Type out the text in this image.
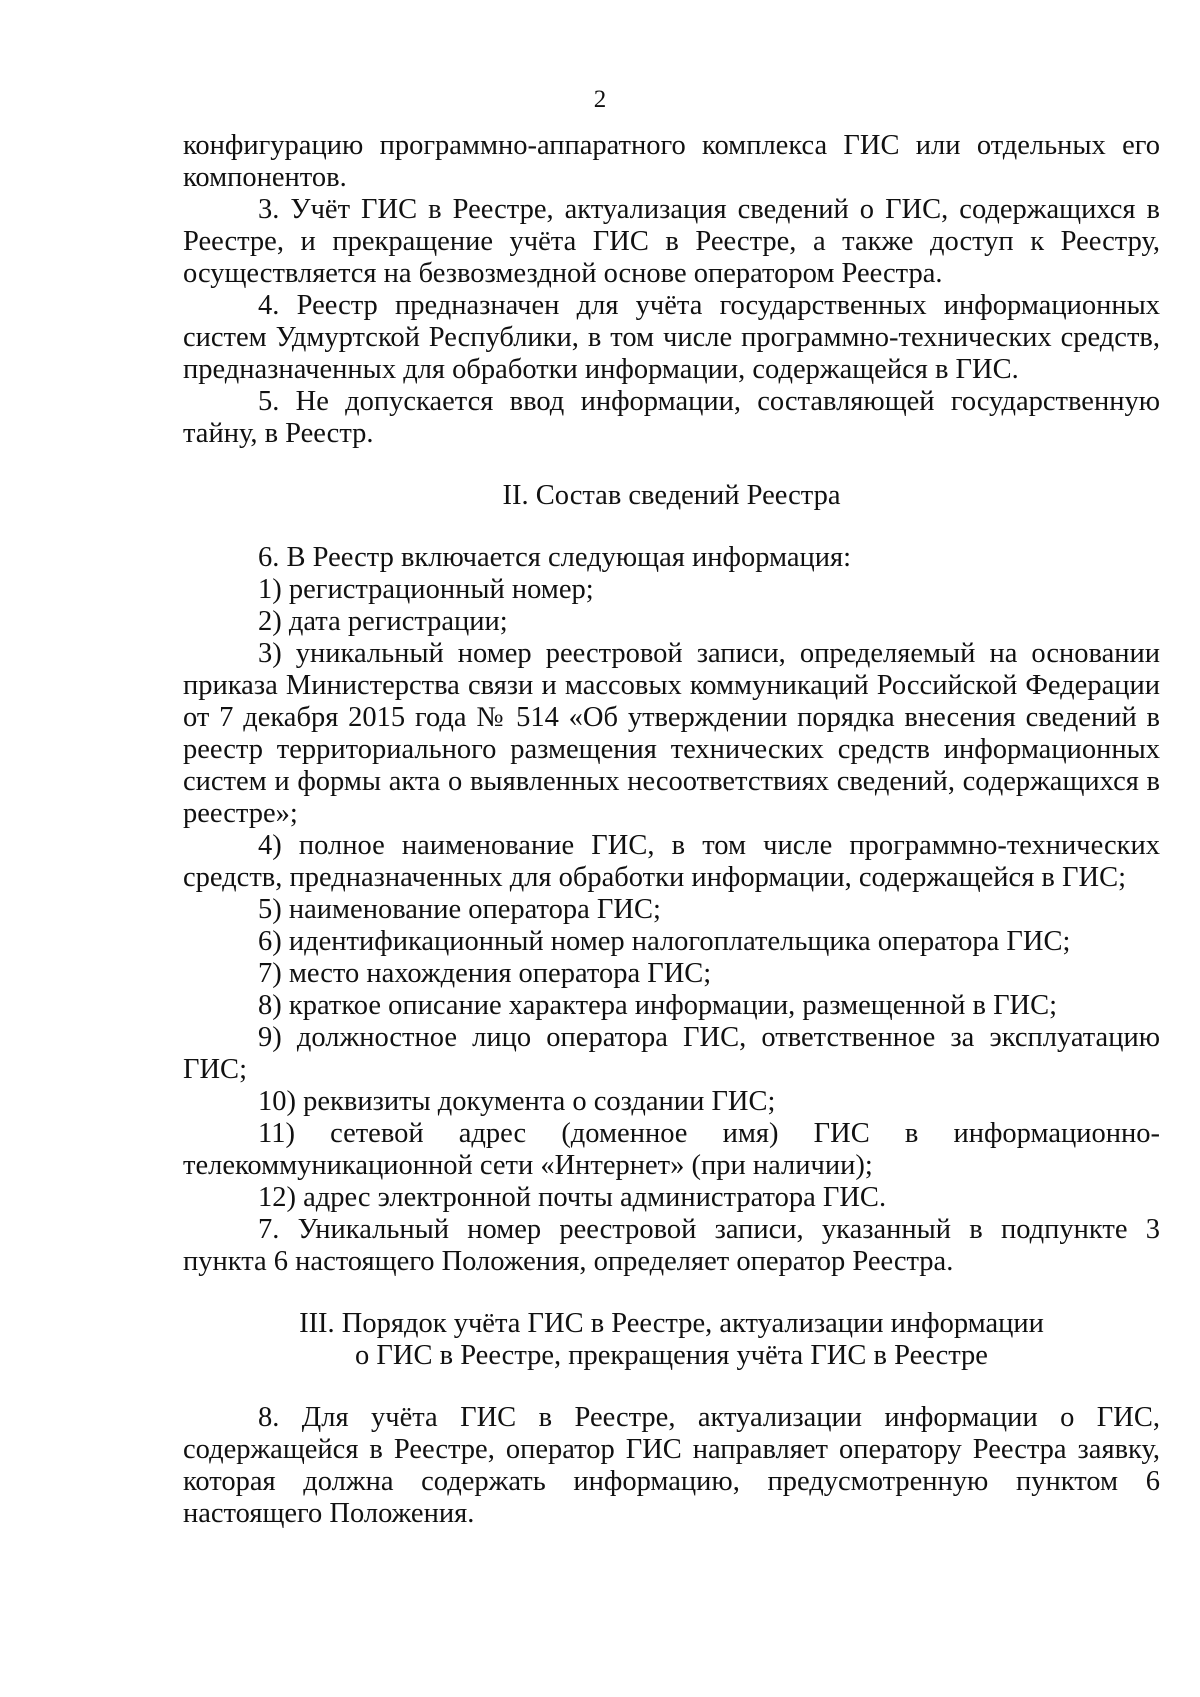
2

конфигурацию программно-аппаратного комплекса ГИС или отдельных его компонентов.

3. Учёт ГИС в Реестре, актуализация сведений о ГИС, содержащихся в Реестре, и прекращение учёта ГИС в Реестре, а также доступ к Реестру, осуществляется на безвозмездной основе оператором Реестра.

4. Реестр предназначен для учёта государственных информационных систем Удмуртской Республики, в том числе программно-технических средств, предназначенных для обработки информации, содержащейся в ГИС.

5. Не допускается ввод информации, составляющей государственную тайну, в Реестр.

II. Состав сведений Реестра

6. В Реестр включается следующая информация:

1) регистрационный номер;

2) дата регистрации;

3) уникальный номер реестровой записи, определяемый на основании приказа Министерства связи и массовых коммуникаций Российской Федерации от 7 декабря 2015 года № 514 «Об утверждении порядка внесения сведений в реестр территориального размещения технических средств информационных систем и формы акта о выявленных несоответствиях сведений, содержащихся в реестре»;

4) полное наименование ГИС, в том числе программно-технических средств, предназначенных для обработки информации, содержащейся в ГИС;

5) наименование оператора ГИС;

6) идентификационный номер налогоплательщика оператора ГИС;

7) место нахождения оператора ГИС;

8) краткое описание характера информации, размещенной в ГИС;

9) должностное лицо оператора ГИС, ответственное за эксплуатацию ГИС;

10) реквизиты документа о создании ГИС;

11) сетевой адрес (доменное имя) ГИС в информационно-телекоммуникационной сети «Интернет» (при наличии);

12) адрес электронной почты администратора ГИС.

7. Уникальный номер реестровой записи, указанный в подпункте 3 пункта 6 настоящего Положения, определяет оператор Реестра.

III. Порядок учёта ГИС в Реестре, актуализации информации

о ГИС в Реестре, прекращения учёта ГИС в Реестре

8. Для учёта ГИС в Реестре, актуализации информации о ГИС, содержащейся в Реестре, оператор ГИС направляет оператору Реестра заявку, которая должна содержать информацию, предусмотренную пунктом 6 настоящего Положения.
